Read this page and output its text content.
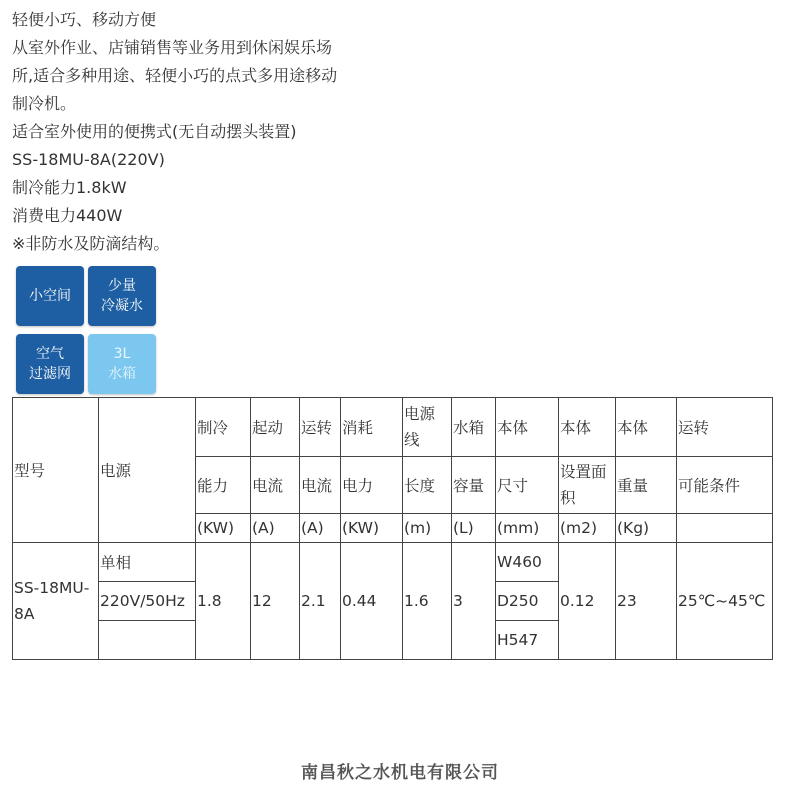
轻便小巧、移动方便

从室外作业、店铺销售等业务用到休闲娱乐场

所,适合多种用途、轻便小巧的点式多用途移动

制冷机。

适合室外使用的便携式(无自动摆头装置)

SS-18MU-8A(220V)

制冷能力1.8kW

消费电力440W

※非防水及防滴结构。

小空间
少量
冷凝水
空气
过滤网
3L
水箱
型号	电源	制冷	起动	运转	消耗	电源线	水箱	本体	本体	本体	运转
		能力	电流	电流	电力	长度	容量	尺寸	设置面积	重量	可能条件
		(KW)	(A)	(A)	(KW)	(m)	(L)	(mm)	(m2)	(Kg)	
SS-18MU-8A	单相	1.8	12	2.1	0.44	1.6	3	W460	0.12	23	25℃~45℃
	220V/50Hz							D250			
								H547			
南昌秋之水机电有限公司
